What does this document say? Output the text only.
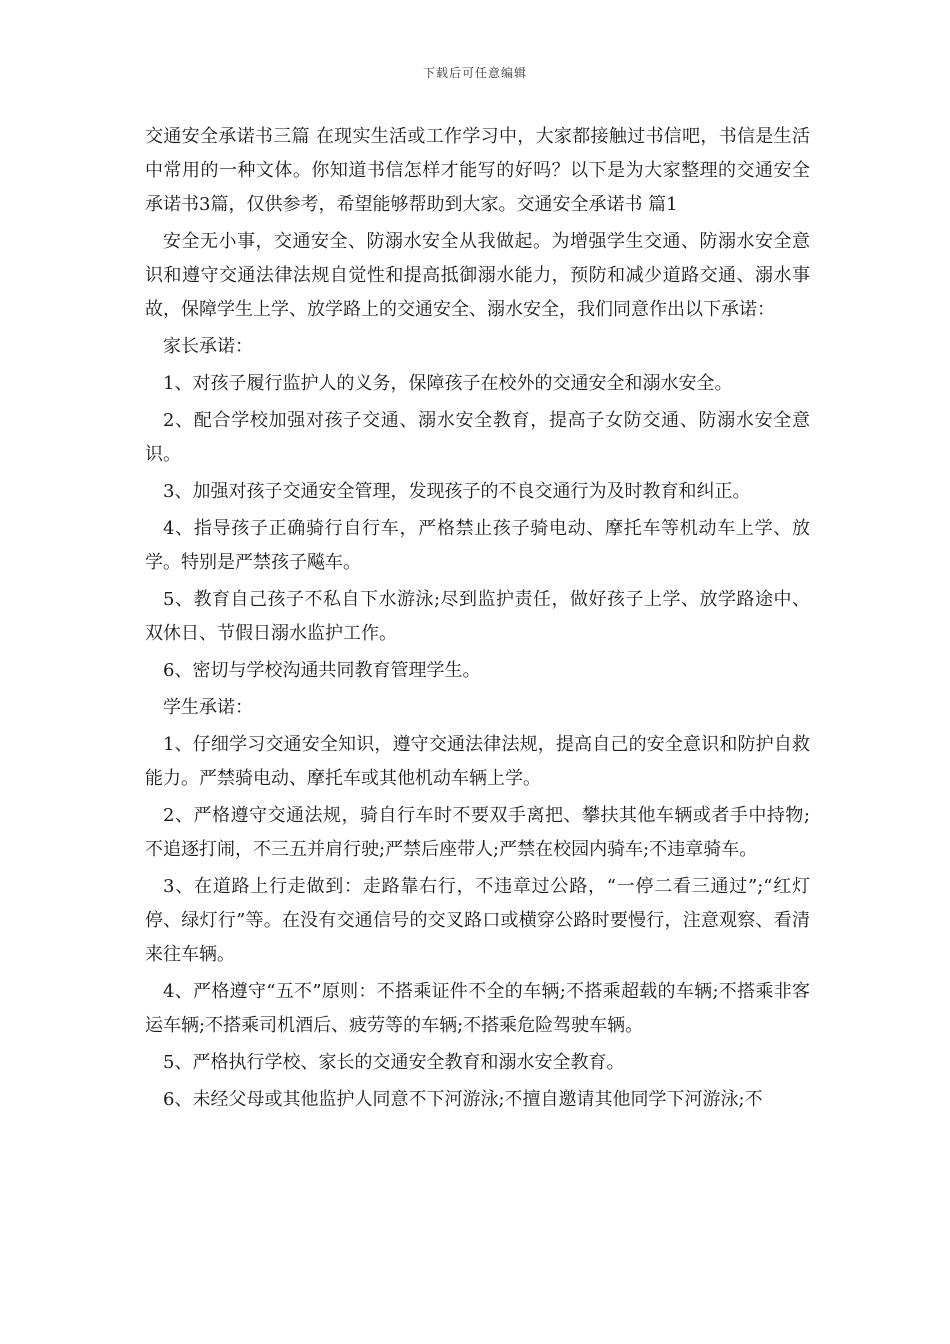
下载后可任意编辑

交通安全承诺书三篇 在现实生活或工作学习中，大家都接触过书信吧，书信是生活中常用的一种文体。你知道书信怎样才能写的好吗？以下是为大家整理的交通安全承诺书3篇，仅供参考，希望能够帮助到大家。交通安全承诺书 篇1

安全无小事，交通安全、防溺水安全从我做起。为增强学生交通、防溺水安全意识和遵守交通法律法规自觉性和提高抵御溺水能力，预防和减少道路交通、溺水事故，保障学生上学、放学路上的交通安全、溺水安全，我们同意作出以下承诺：

家长承诺：

1、对孩子履行监护人的义务，保障孩子在校外的交通安全和溺水安全。

2、配合学校加强对孩子交通、溺水安全教育，提高子女防交通、防溺水安全意识。

3、加强对孩子交通安全管理，发现孩子的不良交通行为及时教育和纠正。

4、指导孩子正确骑行自行车，严格禁止孩子骑电动、摩托车等机动车上学、放学。特别是严禁孩子飚车。

5、教育自己孩子不私自下水游泳;尽到监护责任，做好孩子上学、放学路途中、双休日、节假日溺水监护工作。

6、密切与学校沟通共同教育管理学生。

学生承诺：

1、仔细学习交通安全知识，遵守交通法律法规，提高自己的安全意识和防护自救能力。严禁骑电动、摩托车或其他机动车辆上学。

2、严格遵守交通法规，骑自行车时不要双手离把、攀扶其他车辆或者手中持物;不追逐打闹，不三五并肩行驶;严禁后座带人;严禁在校园内骑车;不违章骑车。

3、在道路上行走做到：走路靠右行，不违章过公路，“一停二看三通过”;“红灯停、绿灯行”等。在没有交通信号的交叉路口或横穿公路时要慢行，注意观察、看清来往车辆。

4、严格遵守“五不”原则：不搭乘证件不全的车辆;不搭乘超载的车辆;不搭乘非客运车辆;不搭乘司机酒后、疲劳等的车辆;不搭乘危险驾驶车辆。

5、严格执行学校、家长的交通安全教育和溺水安全教育。

6、未经父母或其他监护人同意不下河游泳;不擅自邀请其他同学下河游泳;不
